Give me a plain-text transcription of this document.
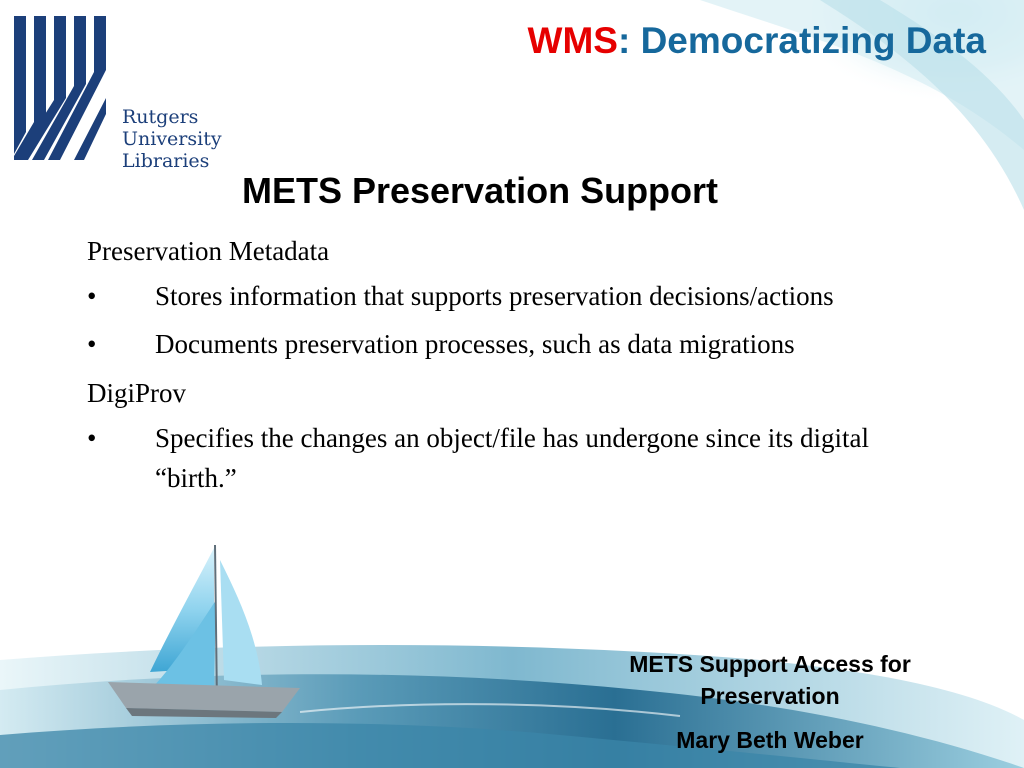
Rutgers
University
Libraries
WMS: Democratizing Data
METS Preservation Support
Preservation Metadata
• Stores information that supports preservation decisions/actions
• Documents preservation processes, such as data migrations
DigiProv
• Specifies the changes an object/file has undergone since its digital “birth.”
METS Support Access for
Preservation
Mary Beth Weber
